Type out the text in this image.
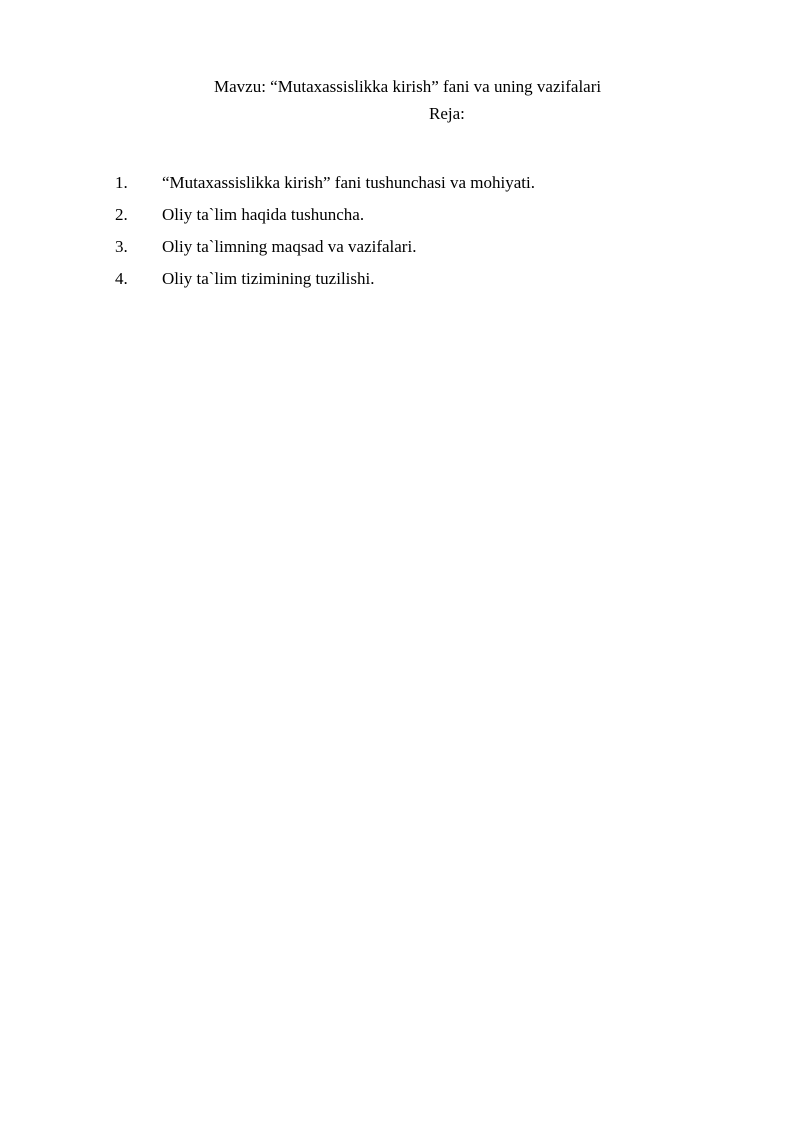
Mavzu: “Mutaxassislikka kirish” fani va uning vazifalari
Reja:
1.	“Mutaxassislikka kirish” fani tushunchasi va mohiyati.
2.	Oliy ta`lim haqida tushuncha.
3.	Oliy ta`limning maqsad va vazifalari.
4.	Oliy ta`lim tizimining tuzilishi.
